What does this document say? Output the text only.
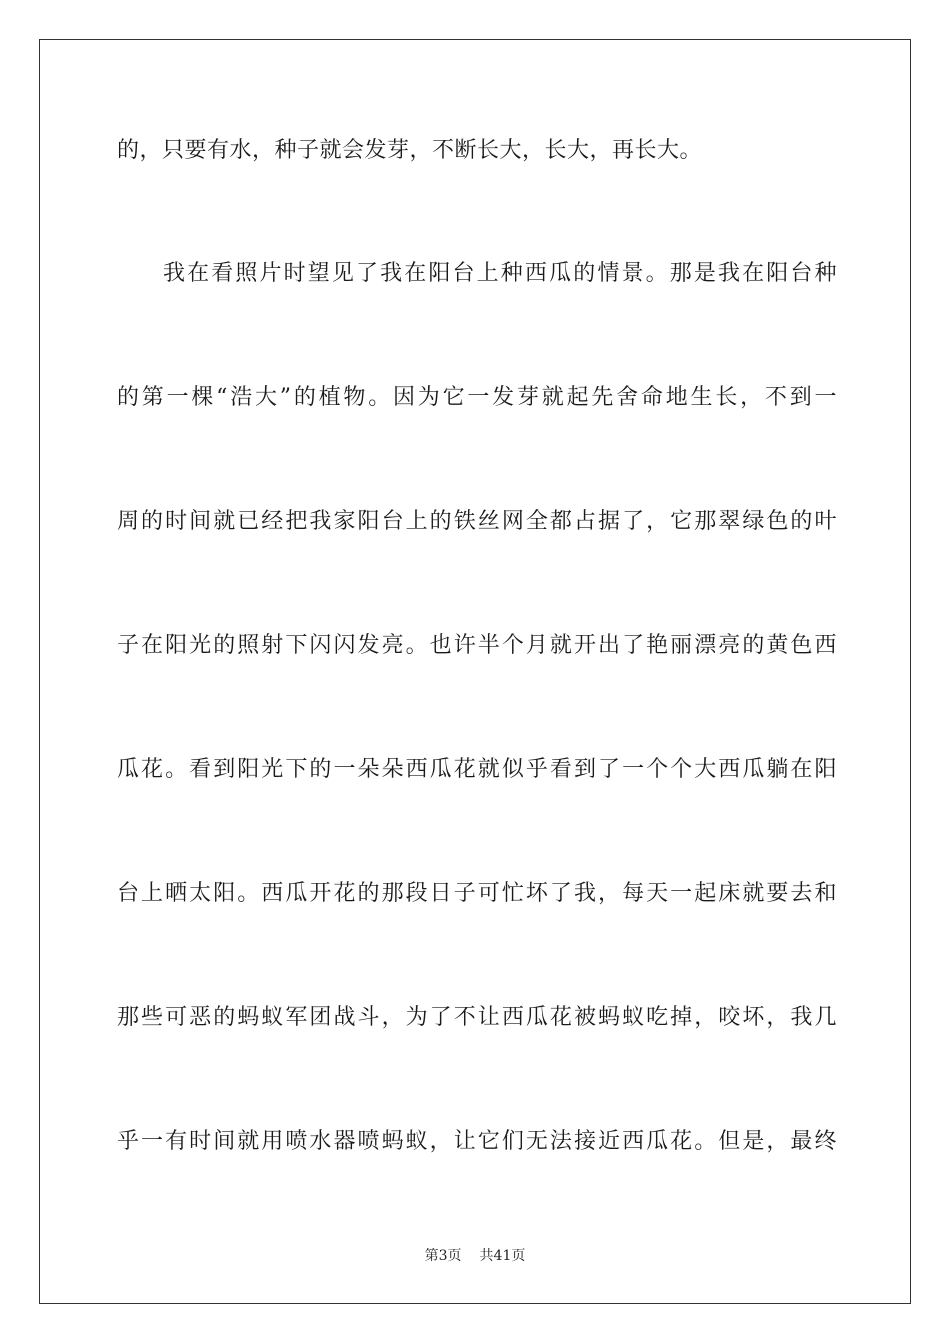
的，只要有水，种子就会发芽，不断长大，长大，再长大。
我在看照片时望见了我在阳台上种西瓜的情景。那是我在阳台种
的第一棵“浩大”的植物。因为它一发芽就起先舍命地生长，不到一
周的时间就已经把我家阳台上的铁丝网全都占据了，它那翠绿色的叶
子在阳光的照射下闪闪发亮。也许半个月就开出了艳丽漂亮的黄色西
瓜花。看到阳光下的一朵朵西瓜花就似乎看到了一个个大西瓜躺在阳
台上晒太阳。西瓜开花的那段日子可忙坏了我，每天一起床就要去和
那些可恶的蚂蚁军团战斗，为了不让西瓜花被蚂蚁吃掉，咬坏，我几
乎一有时间就用喷水器喷蚂蚁，让它们无法接近西瓜花。但是，最终
第3页 共41页
